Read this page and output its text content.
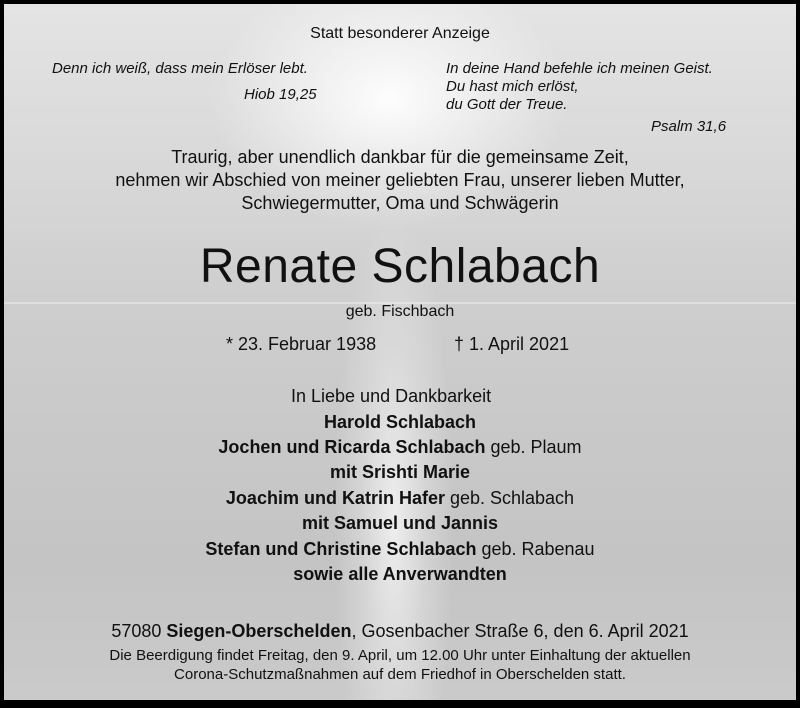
Statt besonderer Anzeige
Denn ich weiß, dass mein Erlöser lebt.
Hiob 19,25
In deine Hand befehle ich meinen Geist.
Du hast mich erlöst,
du Gott der Treue.
Psalm 31,6
Traurig, aber unendlich dankbar für die gemeinsame Zeit,
nehmen wir Abschied von meiner geliebten Frau, unserer lieben Mutter,
Schwiegermutter, Oma und Schwägerin
Renate Schlabach
geb. Fischbach
* 23. Februar 1938	† 1. April 2021
In Liebe und Dankbarkeit
Harold Schlabach
Jochen und Ricarda Schlabach geb. Plaum
mit Srishti Marie
Joachim und Katrin Hafer geb. Schlabach
mit Samuel und Jannis
Stefan und Christine Schlabach geb. Rabenau
sowie alle Anverwandten
57080 Siegen-Oberschelden, Gosenbacher Straße 6, den 6. April 2021
Die Beerdigung findet Freitag, den 9. April, um 12.00 Uhr unter Einhaltung der aktuellen
Corona-Schutzmaßnahmen auf dem Friedhof in Oberschelden statt.
